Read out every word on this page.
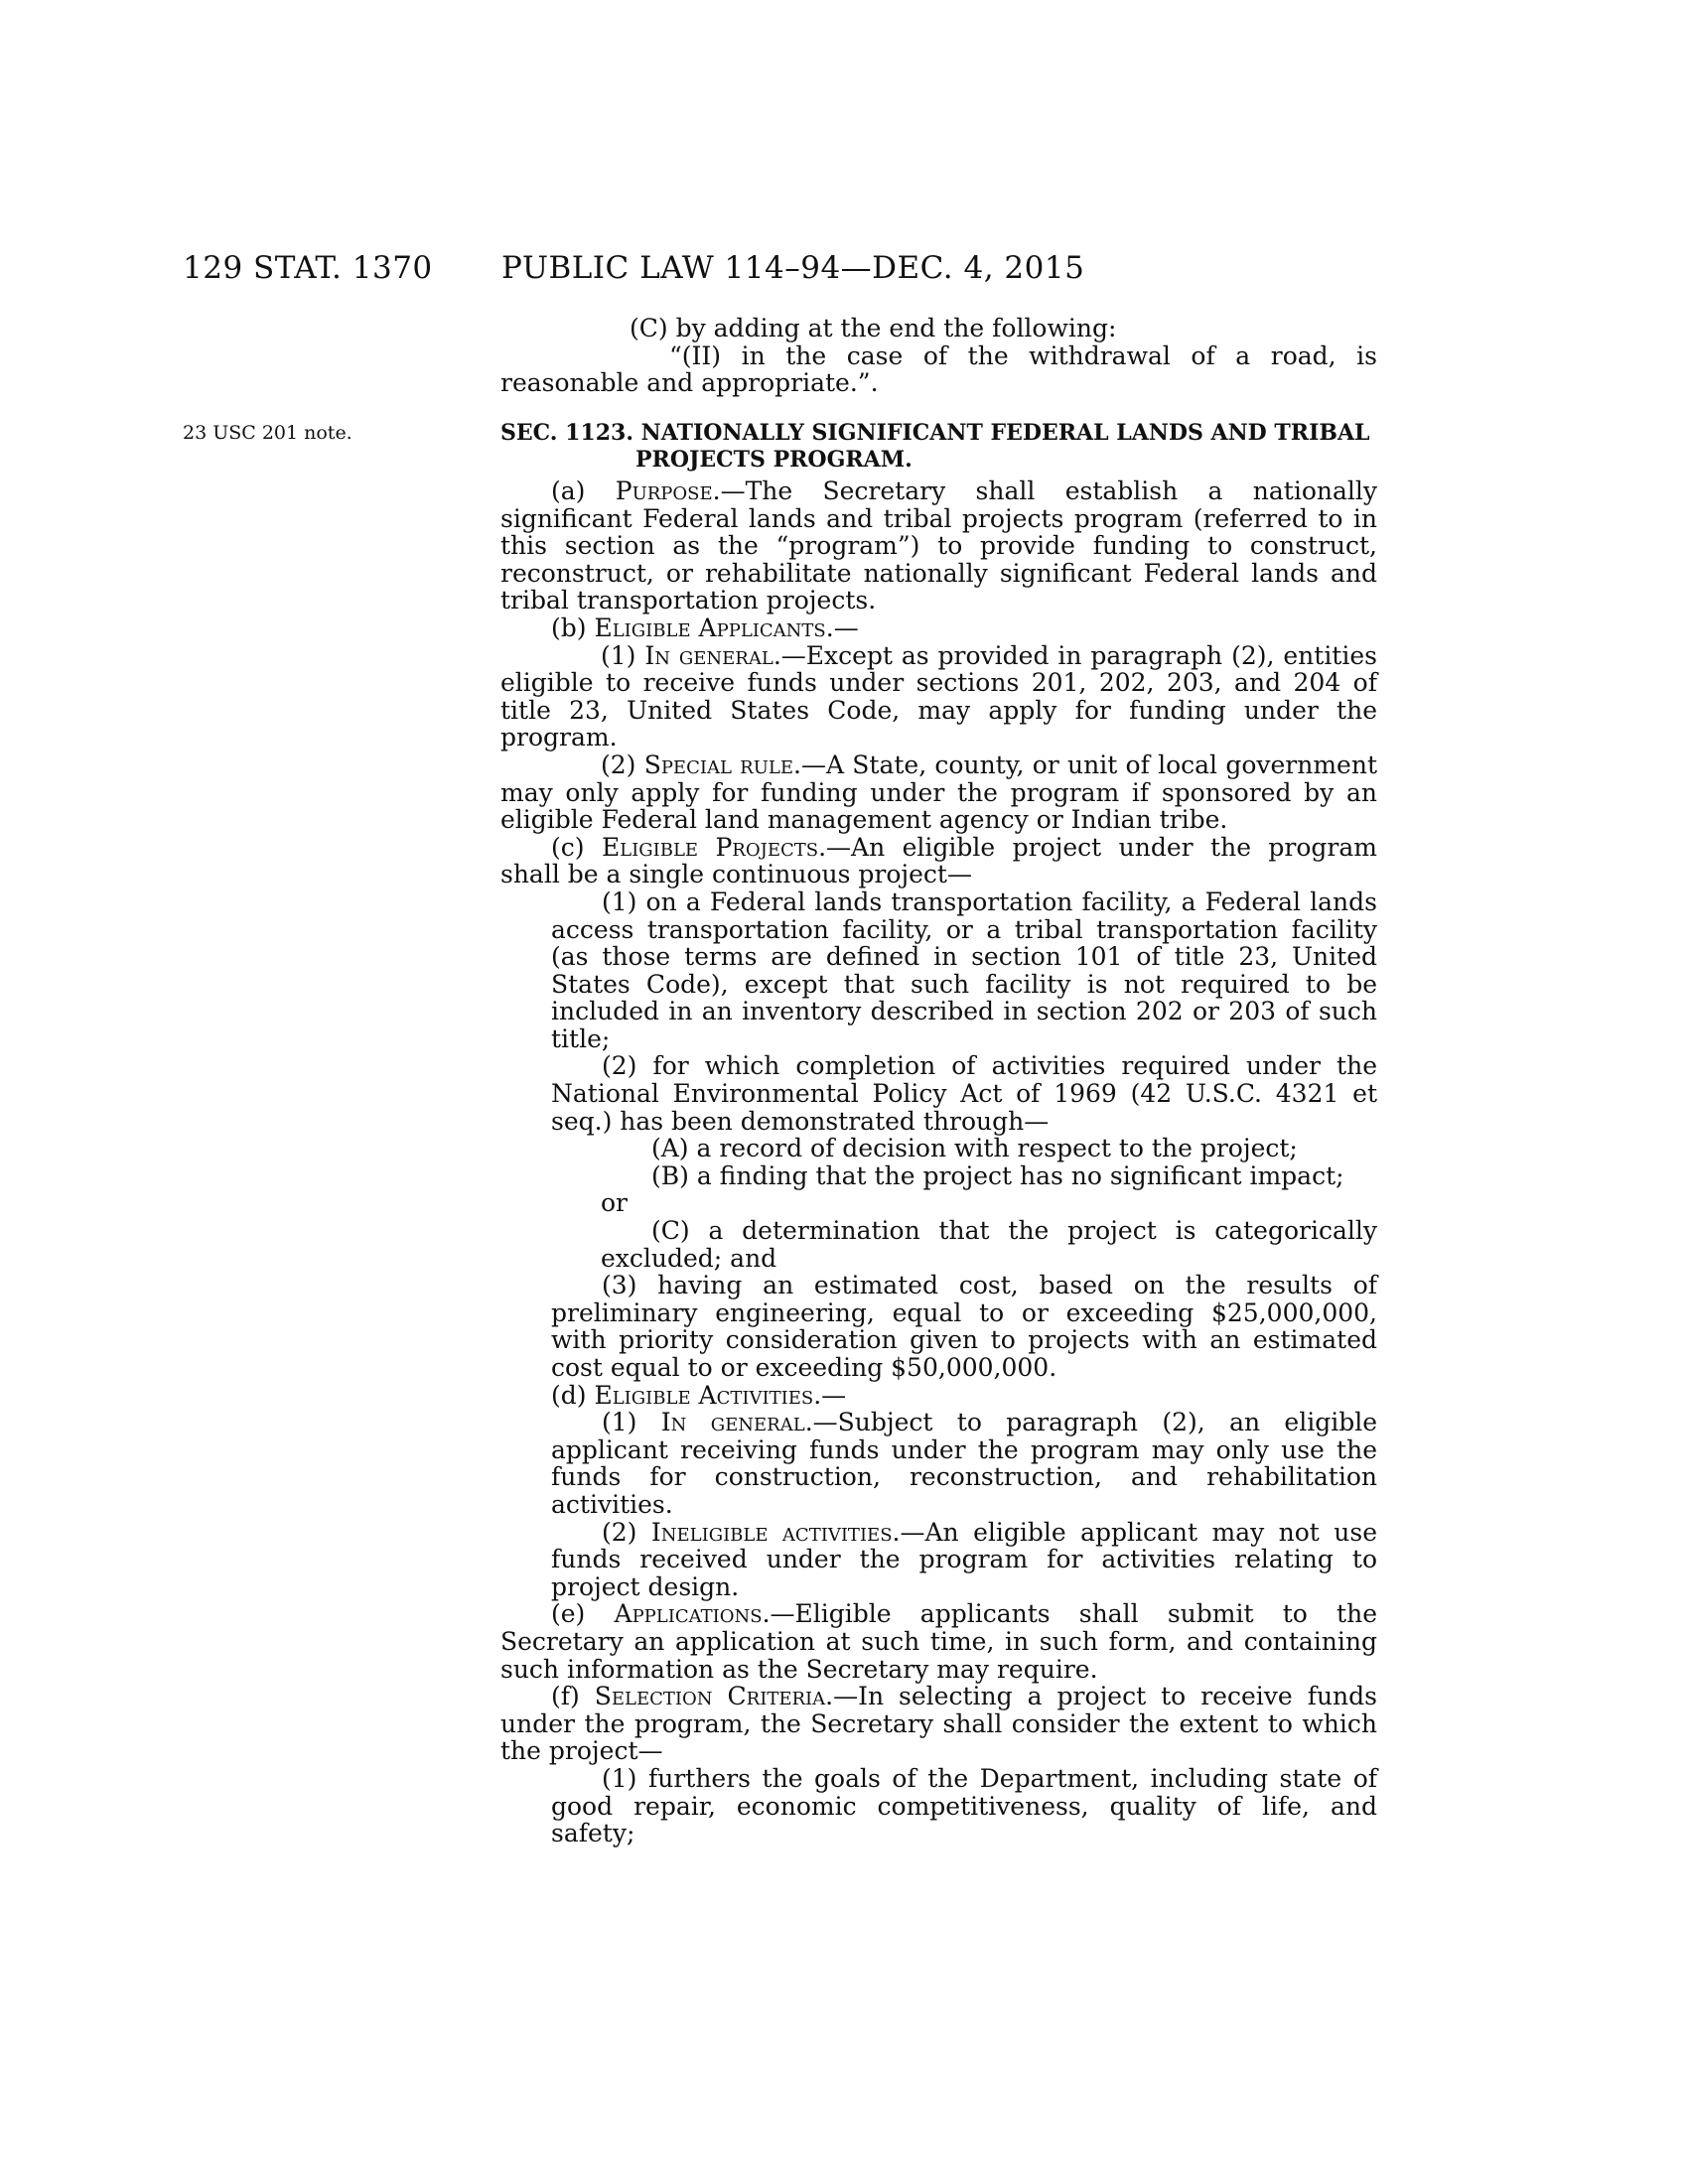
129 STAT. 1370 PUBLIC LAW 114–94—DEC. 4, 2015
23 USC 201 note.

(C) by adding at the end the following:

“(II) in the case of the withdrawal of a road, is reasonable and appropriate.”.

SEC. 1123. NATIONALLY SIGNIFICANT FEDERAL LANDS AND TRIBAL
PROJECTS PROGRAM.

(a) Purpose.—The Secretary shall establish a nationally significant Federal lands and tribal projects program (referred to in this section as the “program”) to provide funding to construct, reconstruct, or rehabilitate nationally significant Federal lands and tribal transportation projects.

(b) Eligible Applicants.—

(1) In general.—Except as provided in paragraph (2), entities eligible to receive funds under sections 201, 202, 203, and 204 of title 23, United States Code, may apply for funding under the program.

(2) Special rule.—A State, county, or unit of local government may only apply for funding under the program if sponsored by an eligible Federal land management agency or Indian tribe.

(c) Eligible Projects.—An eligible project under the program shall be a single continuous project—

(1) on a Federal lands transportation facility, a Federal lands access transportation facility, or a tribal transportation facility (as those terms are defined in section 101 of title 23, United States Code), except that such facility is not required to be included in an inventory described in section 202 or 203 of such title;

(2) for which completion of activities required under the National Environmental Policy Act of 1969 (42 U.S.C. 4321 et seq.) has been demonstrated through—

(A) a record of decision with respect to the project;

(B) a finding that the project has no significant impact;

or

(C) a determination that the project is categorically excluded; and

(3) having an estimated cost, based on the results of preliminary engineering, equal to or exceeding $25,000,000, with priority consideration given to projects with an estimated cost equal to or exceeding $50,000,000.

(d) Eligible Activities.—

(1) In general.—Subject to paragraph (2), an eligible applicant receiving funds under the program may only use the funds for construction, reconstruction, and rehabilitation activities.

(2) Ineligible activities.—An eligible applicant may not use funds received under the program for activities relating to project design.

(e) Applications.—Eligible applicants shall submit to the Secretary an application at such time, in such form, and containing such information as the Secretary may require.

(f) Selection Criteria.—In selecting a project to receive funds under the program, the Secretary shall consider the extent to which the project—

(1) furthers the goals of the Department, including state of good repair, economic competitiveness, quality of life, and safety;
